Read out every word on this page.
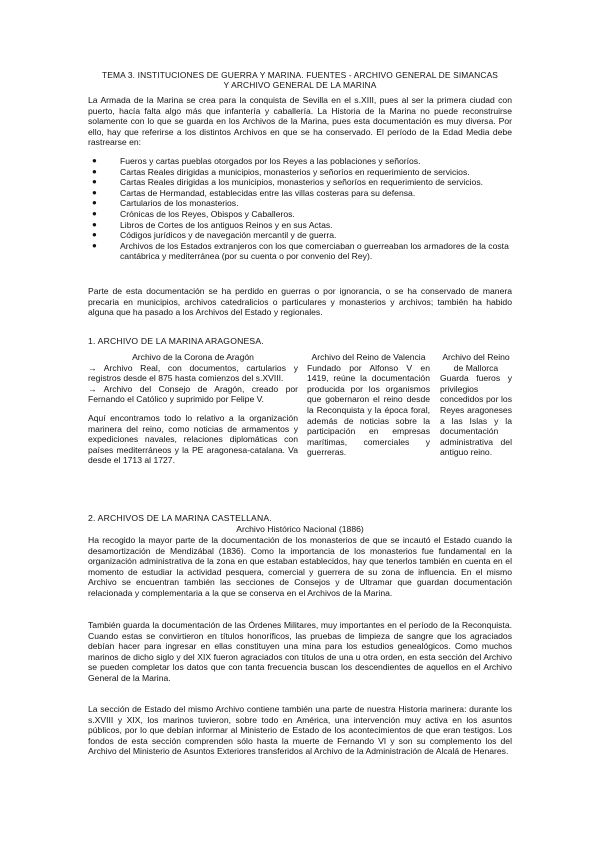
TEMA 3. INSTITUCIONES DE GUERRA Y MARINA. FUENTES - ARCHIVO GENERAL DE SIMANCAS
Y ARCHIVO GENERAL DE LA MARINA
La Armada de la Marina se crea para la conquista de Sevilla en el s.XIII, pues al ser la primera ciudad con puerto, hacía falta algo más que infantería y caballería. La Historia de la Marina no puede reconstruirse solamente con lo que se guarda en los Archivos de la Marina, pues esta documentación es muy diversa. Por ello, hay que referirse a los distintos Archivos en que se ha conservado. El período de la Edad Media debe rastrearse en:
●	Fueros y cartas pueblas otorgados por los Reyes a las poblaciones y señoríos.
●	Cartas Reales dirigidas a municipios, monasterios y señoríos en requerimiento de servicios.
●	Cartas Reales dirigidas a los municipios, monasterios y señoríos en requerimiento de servicios.
●	Cartas de Hermandad, establecidas entre las villas costeras para su defensa.
●	Cartularios de los monasterios.
●	Crónicas de los Reyes, Obispos y Caballeros.
●	Libros de Cortes de los antiguos Reinos y en sus Actas.
●	Códigos jurídicos y de navegación mercantil y de guerra.
●	Archivos de los Estados extranjeros con los que comerciaban o guerreaban los armadores de la costa cantábrica y mediterránea (por su cuenta o por convenio del Rey).
Parte de esta documentación se ha perdido en guerras o por ignorancia, o se ha conservado de manera precaria en municipios, archivos catedralicios o particulares y monasterios y archivos; también ha habido alguna que ha pasado a los Archivos del Estado y regionales.
1. ARCHIVO DE LA MARINA ARAGONESA.
Archivo de la Corona de Aragón
→ Archivo Real, con documentos, cartularios y registros desde el 875 hasta comienzos del s.XVIII.
→ Archivo del Consejo de Aragón, creado por Fernando el Católico y suprimido por Felipe V.
Aquí encontramos todo lo relativo a la organización marinera del reino, como noticias de armamentos y expediciones navales, relaciones diplomáticas con países mediterráneos y la PE aragonesa-catalana. Va desde el 1713 al 1727.
Archivo del Reino de Valencia
Fundado por Alfonso V en 1419, reúne la documentación producida por los organismos que gobernaron el reino desde la Reconquista y la época foral, además de noticias sobre la participación en empresas marítimas, comerciales y guerreras.
Archivo del Reino de Mallorca
Guarda fueros y privilegios concedidos por los Reyes aragoneses a las Islas y la documentación administrativa del antiguo reino.
2. ARCHIVOS DE LA MARINA CASTELLANA.
Archivo Histórico Nacional (1886)
Ha recogido la mayor parte de la documentación de los monasterios de que se incautó el Estado cuando la desamortización de Mendizábal (1836). Como la importancia de los monasterios fue fundamental en la organización administrativa de la zona en que estaban establecidos, hay que tenerlos también en cuenta en el momento de estudiar la actividad pesquera, comercial y guerrera de su zona de influencia. En el mismo Archivo se encuentran también las secciones de Consejos y de Ultramar que guardan documentación relacionada y complementaria a la que se conserva en el Archivos de la Marina.
También guarda la documentación de las Órdenes Militares, muy importantes en el período de la Reconquista. Cuando estas se convirtieron en títulos honoríficos, las pruebas de limpieza de sangre que los agraciados debían hacer para ingresar en ellas constituyen una mina para los estudios genealógicos. Como muchos marinos de dicho siglo y del XIX fueron agraciados con títulos de una u otra orden, en esta sección del Archivo se pueden completar los datos que con tanta frecuencia buscan los descendientes de aquellos en el Archivo General de la Marina.
La sección de Estado del mismo Archivo contiene también una parte de nuestra Historia marinera: durante los s.XVIII y XIX, los marinos tuvieron, sobre todo en América, una intervención muy activa en los asuntos públicos, por lo que debían informar al Ministerio de Estado de los acontecimientos de que eran testigos. Los fondos de esta sección comprenden sólo hasta la muerte de Fernando VI y son su complemento los del Archivo del Ministerio de Asuntos Exteriores transferidos al Archivo de la Administración de Alcalá de Henares.
